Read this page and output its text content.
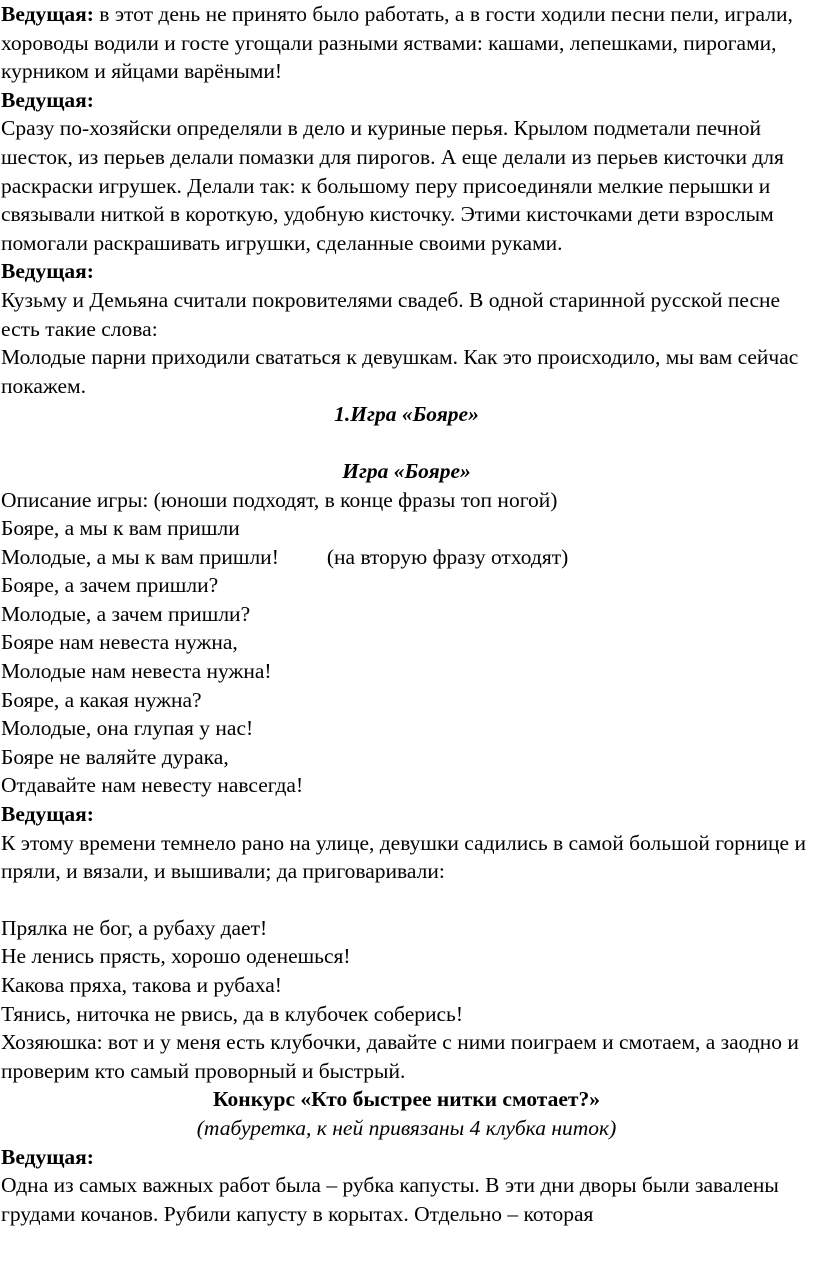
Ведущая: в этот день не принято было работать, а в гости ходили песни пели, играли, хороводы водили и госте угощали разными яствами: кашами, лепешками, пирогами, курником и яйцами варёными!

Ведущая:

Сразу по-хозяйски определяли в дело и куриные перья. Крылом подметали печной шесток, из перьев делали помазки для пирогов. А еще делали из перьев кисточки для раскраски игрушек. Делали так: к большому перу присоединяли мелкие перышки и связывали ниткой в короткую, удобную кисточку. Этими кисточками дети взрослым помогали раскрашивать игрушки, сделанные своими руками.

Ведущая:

Кузьму и Демьяна считали покровителями свадеб. В одной старинной русской песне есть такие слова:

Молодые парни приходили свататься к девушкам. Как это происходило, мы вам сейчас покажем.

1.Игра «Бояре»

Игра «Бояре»

Описание игры: (юноши подходят, в конце фразы топ ногой)

Бояре, а мы к вам пришли

Молодые, а мы к вам пришли! (на вторую фразу отходят)

Бояре, а зачем пришли?

Молодые, а зачем пришли?

Бояре нам невеста нужна,

Молодые нам невеста нужна!

Бояре, а какая нужна?

Молодые, она глупая у нас!

Бояре не валяйте дурака,

Отдавайте нам невесту навсегда!

Ведущая:

К этому времени темнело рано на улице, девушки садились в самой большой горнице и пряли, и вязали, и вышивали; да приговаривали:

Прялка не бог, а рубаху дает!

Не ленись прясть, хорошо оденешься!

Какова пряха, такова и рубаха!

Тянись, ниточка не рвись, да в клубочек соберись!

Хозяюшка: вот и у меня есть клубочки, давайте с ними поиграем и смотаем, а заодно и проверим кто самый проворный и быстрый.

Конкурс «Кто быстрее нитки смотает?»

(табуретка, к ней привязаны 4 клубка ниток)

Ведущая:

Одна из самых важных работ была – рубка капусты. В эти дни дворы были завалены грудами кочанов. Рубили капусту в корытах. Отдельно – которая
